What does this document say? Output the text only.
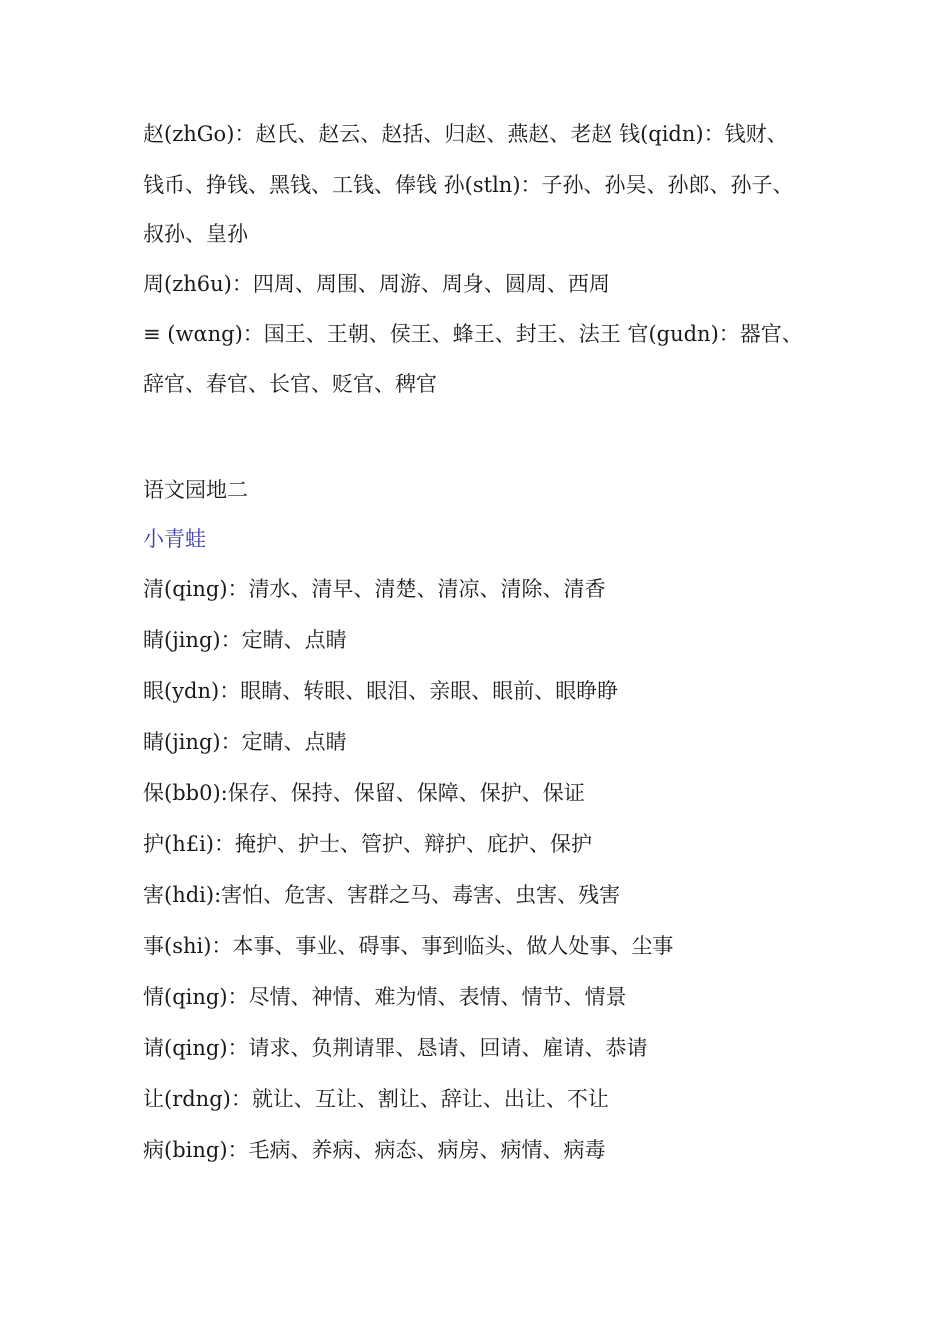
赵(zhGo)：赵氏、赵云、赵括、归赵、燕赵、老赵 钱(qidn)：钱财、
钱币、挣钱、黑钱、工钱、俸钱 孙(stln)：子孙、孙吴、孙郎、孙子、
叔孙、皇孙
周(zh6u)：四周、周围、周游、周身、圆周、西周
≡ (wαng)：国王、王朝、侯王、蜂王、封王、法王 官(gudn)：器官、
辞官、春官、长官、贬官、稗官
语文园地二
小青蛙
清(qing)：清水、清早、清楚、清凉、清除、清香
睛(jing)：定睛、点睛
眼(ydn)：眼睛、转眼、眼泪、亲眼、眼前、眼睁睁
睛(jing)：定睛、点睛
保(bb0):保存、保持、保留、保障、保护、保证
护(h£i)：掩护、护士、管护、辩护、庇护、保护
害(hdi):害怕、危害、害群之马、毒害、虫害、残害
事(shi)：本事、事业、碍事、事到临头、做人处事、尘事
情(qing)：尽情、神情、难为情、表情、情节、情景
请(qing)：请求、负荆请罪、恳请、回请、雇请、恭请
让(rdng)：就让、互让、割让、辞让、出让、不让
病(bing)：毛病、养病、病态、病房、病情、病毒
